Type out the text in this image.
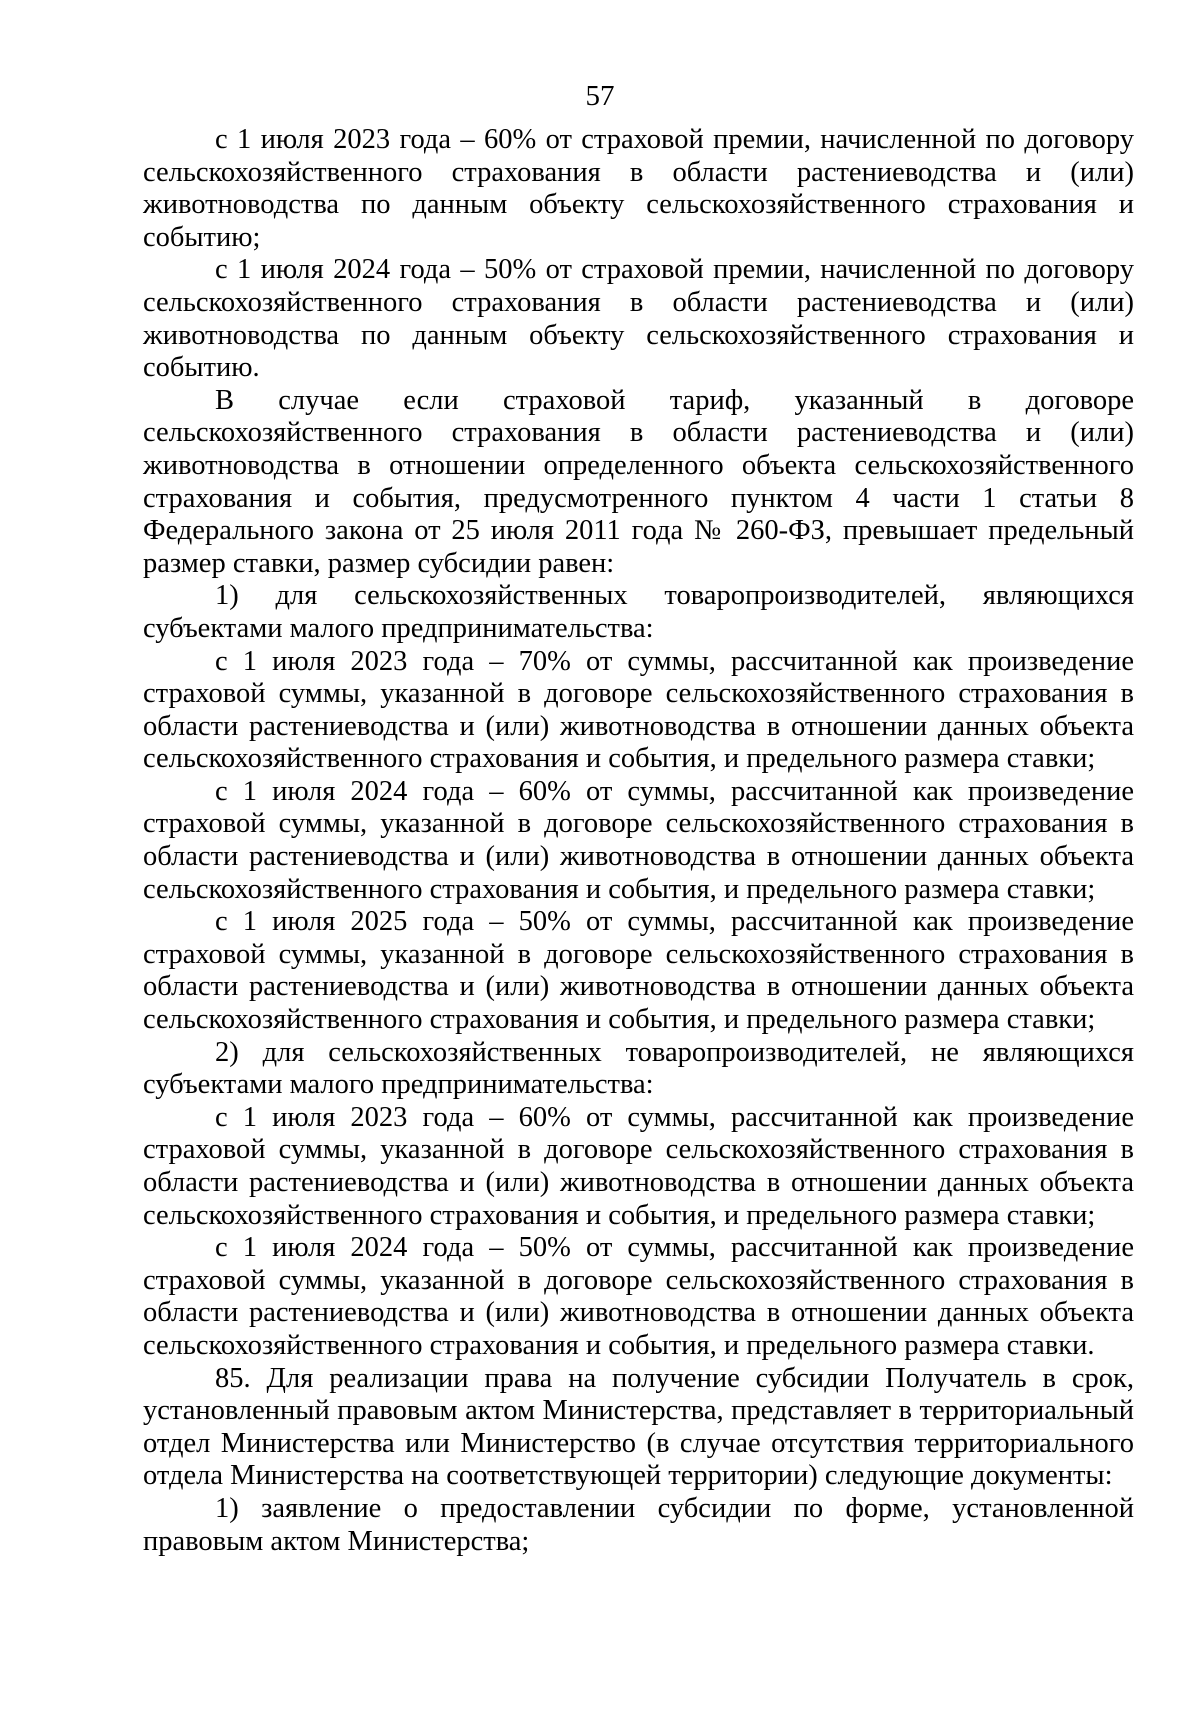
57

с 1 июля 2023 года – 60% от страховой премии, начисленной по договору сельскохозяйственного страхования в области растениеводства и (или) животноводства по данным объекту сельскохозяйственного страхования и событию;

с 1 июля 2024 года – 50% от страховой премии, начисленной по договору сельскохозяйственного страхования в области растениеводства и (или) животноводства по данным объекту сельскохозяйственного страхования и событию.

В случае если страховой тариф, указанный в договоре сельскохозяйственного страхования в области растениеводства и (или) животноводства в отношении определенного объекта сельскохозяйственного страхования и события, предусмотренного пунктом 4 части 1 статьи 8 Федерального закона от 25 июля 2011 года № 260-ФЗ, превышает предельный размер ставки, размер субсидии равен:

1) для сельскохозяйственных товаропроизводителей, являющихся субъектами малого предпринимательства:

с 1 июля 2023 года – 70% от суммы, рассчитанной как произведение страховой суммы, указанной в договоре сельскохозяйственного страхования в области растениеводства и (или) животноводства в отношении данных объекта сельскохозяйственного страхования и события, и предельного размера ставки;

с 1 июля 2024 года – 60% от суммы, рассчитанной как произведение страховой суммы, указанной в договоре сельскохозяйственного страхования в области растениеводства и (или) животноводства в отношении данных объекта сельскохозяйственного страхования и события, и предельного размера ставки;

с 1 июля 2025 года – 50% от суммы, рассчитанной как произведение страховой суммы, указанной в договоре сельскохозяйственного страхования в области растениеводства и (или) животноводства в отношении данных объекта сельскохозяйственного страхования и события, и предельного размера ставки;

2) для сельскохозяйственных товаропроизводителей, не являющихся субъектами малого предпринимательства:

с 1 июля 2023 года – 60% от суммы, рассчитанной как произведение страховой суммы, указанной в договоре сельскохозяйственного страхования в области растениеводства и (или) животноводства в отношении данных объекта сельскохозяйственного страхования и события, и предельного размера ставки;

с 1 июля 2024 года – 50% от суммы, рассчитанной как произведение страховой суммы, указанной в договоре сельскохозяйственного страхования в области растениеводства и (или) животноводства в отношении данных объекта сельскохозяйственного страхования и события, и предельного размера ставки.

85. Для реализации права на получение субсидии Получатель в срок, установленный правовым актом Министерства, представляет в территориальный отдел Министерства или Министерство (в случае отсутствия территориального отдела Министерства на соответствующей территории) следующие документы:

1) заявление о предоставлении субсидии по форме, установленной правовым актом Министерства;
